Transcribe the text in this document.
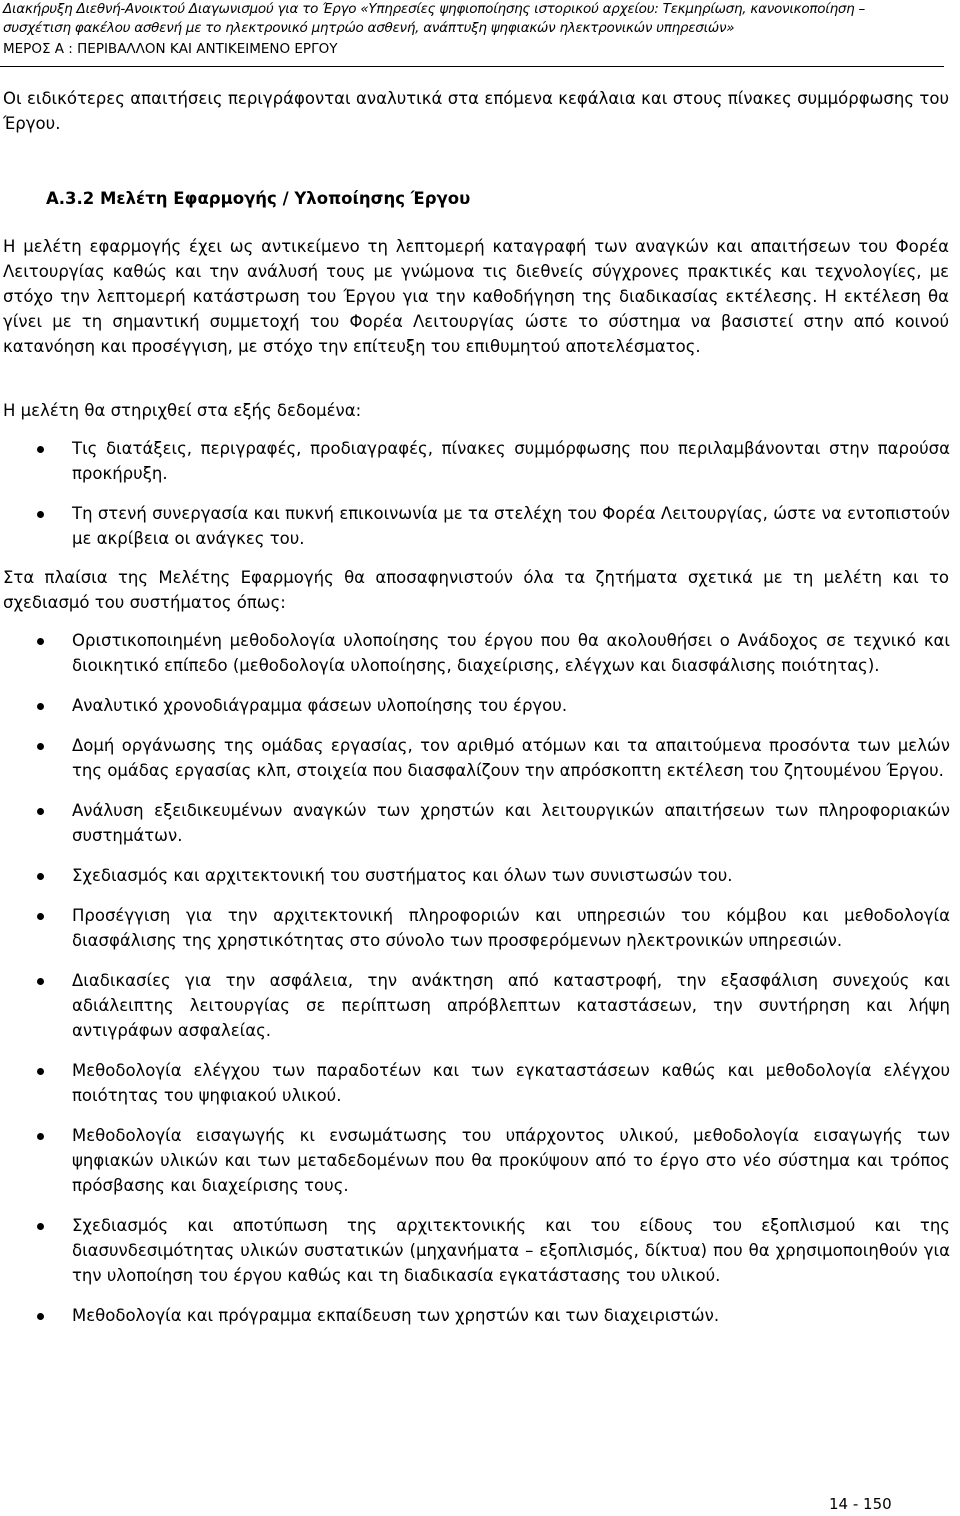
Διακήρυξη Διεθνή-Ανοικτού Διαγωνισμού για το Έργο «Υπηρεσίες ψηφιοποίησης ιστορικού αρχείου: Τεκμηρίωση, κανονικοποίηση –
συσχέτιση φακέλου ασθενή με το ηλεκτρονικό μητρώο ασθενή, ανάπτυξη ψηφιακών ηλεκτρονικών υπηρεσιών»
ΜΕΡΟΣ Α : ΠΕΡΙΒΑΛΛΟΝ ΚΑΙ ΑΝΤΙΚΕΙΜΕΝΟ ΕΡΓΟΥ
Οι ειδικότερες απαιτήσεις περιγράφονται αναλυτικά στα επόμενα κεφάλαια και στους πίνακες συμμόρφωσης του Έργου.
Α.3.2 Μελέτη Εφαρμογής / Υλοποίησης Έργου
Η μελέτη εφαρμογής έχει ως αντικείμενο τη λεπτομερή καταγραφή των αναγκών και απαιτήσεων του Φορέα Λειτουργίας καθώς και την ανάλυσή τους με γνώμονα τις διεθνείς σύγχρονες πρακτικές και τεχνολογίες, με στόχο την λεπτομερή κατάστρωση του Έργου για την καθοδήγηση της διαδικασίας εκτέλεσης. Η εκτέλεση θα γίνει με τη σημαντική συμμετοχή του Φορέα Λειτουργίας ώστε το σύστημα να βασιστεί στην από κοινού κατανόηση και προσέγγιση, με στόχο την επίτευξη του επιθυμητού αποτελέσματος.
Η μελέτη θα στηριχθεί στα εξής δεδομένα:
Τις διατάξεις, περιγραφές, προδιαγραφές, πίνακες συμμόρφωσης που περιλαμβάνονται στην παρούσα προκήρυξη.
Τη στενή συνεργασία και πυκνή επικοινωνία με τα στελέχη του Φορέα Λειτουργίας, ώστε να εντοπιστούν με ακρίβεια οι ανάγκες του.
Στα πλαίσια της Μελέτης Εφαρμογής θα αποσαφηνιστούν όλα τα ζητήματα σχετικά με τη μελέτη και το σχεδιασμό του συστήματος όπως:
Οριστικοποιημένη μεθοδολογία υλοποίησης του έργου που θα ακολουθήσει ο Ανάδοχος σε τεχνικό και διοικητικό επίπεδο (μεθοδολογία υλοποίησης, διαχείρισης, ελέγχων και διασφάλισης ποιότητας).
Αναλυτικό χρονοδιάγραμμα φάσεων υλοποίησης του έργου.
Δομή οργάνωσης της ομάδας εργασίας, τον αριθμό ατόμων και τα απαιτούμενα προσόντα των μελών της ομάδας εργασίας κλπ, στοιχεία που διασφαλίζουν την απρόσκοπτη εκτέλεση του ζητουμένου Έργου.
Ανάλυση εξειδικευμένων αναγκών των χρηστών και λειτουργικών απαιτήσεων των πληροφοριακών συστημάτων.
Σχεδιασμός και αρχιτεκτονική του συστήματος και όλων των συνιστωσών του.
Προσέγγιση για την αρχιτεκτονική πληροφοριών και υπηρεσιών του κόμβου και μεθοδολογία διασφάλισης της χρηστικότητας στο σύνολο των προσφερόμενων ηλεκτρονικών υπηρεσιών.
Διαδικασίες για την ασφάλεια, την ανάκτηση από καταστροφή, την εξασφάλιση συνεχούς και αδιάλειπτης λειτουργίας σε περίπτωση απρόβλεπτων καταστάσεων, την συντήρηση και λήψη αντιγράφων ασφαλείας.
Μεθοδολογία ελέγχου των παραδοτέων και των εγκαταστάσεων καθώς και μεθοδολογία ελέγχου ποιότητας του ψηφιακού υλικού.
Μεθοδολογία εισαγωγής κι ενσωμάτωσης του υπάρχοντος υλικού, μεθοδολογία εισαγωγής των ψηφιακών υλικών και των μεταδεδομένων που θα προκύψουν από το έργο στο νέο σύστημα και τρόπος πρόσβασης και διαχείρισης τους.
Σχεδιασμός και αποτύπωση της αρχιτεκτονικής και του είδους του εξοπλισμού και της διασυνδεσιμότητας υλικών συστατικών (μηχανήματα – εξοπλισμός, δίκτυα) που θα χρησιμοποιηθούν για την υλοποίηση του έργου καθώς και τη διαδικασία εγκατάστασης του υλικού.
Μεθοδολογία και πρόγραμμα εκπαίδευση των χρηστών και των διαχειριστών.
14 - 150
